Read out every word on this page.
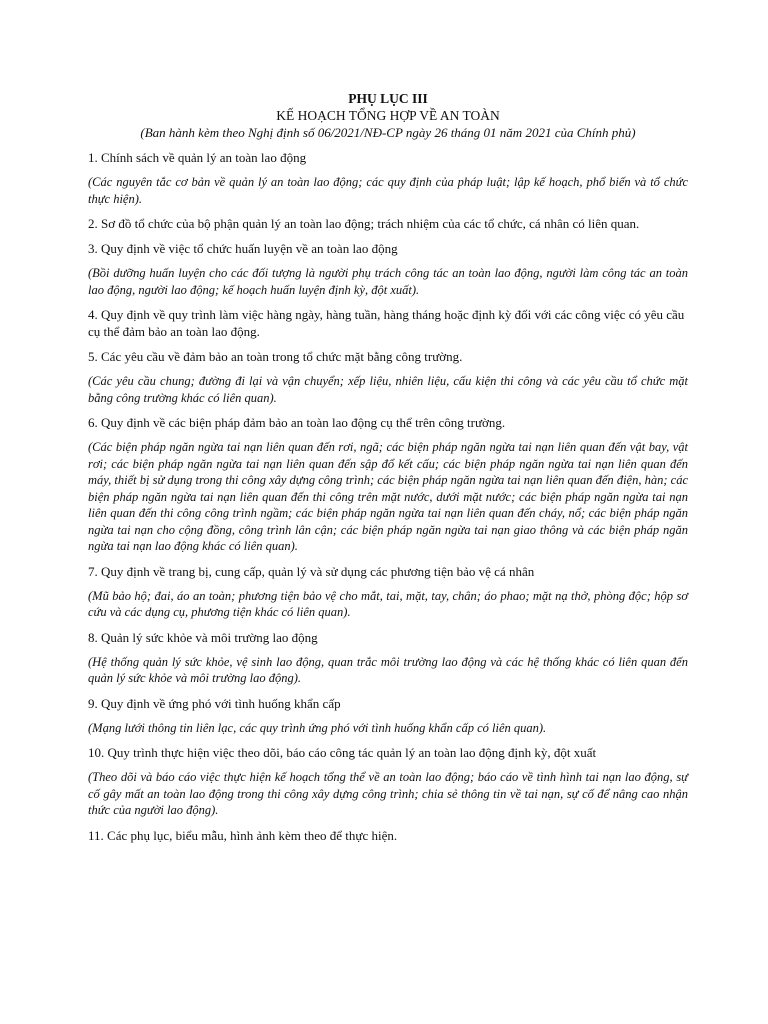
PHỤ LỤC III

KẾ HOẠCH TỔNG HỢP VỀ AN TOÀN

(Ban hành kèm theo Nghị định số 06/2021/NĐ-CP ngày 26 tháng 01 năm 2021 của Chính phủ)

1. Chính sách về quản lý an toàn lao động

(Các nguyên tắc cơ bản về quản lý an toàn lao động; các quy định của pháp luật; lập kế hoạch, phổ biến và tổ chức thực hiện).

2. Sơ đồ tổ chức của bộ phận quản lý an toàn lao động; trách nhiệm của các tổ chức, cá nhân có liên quan.

3. Quy định về việc tổ chức huấn luyện về an toàn lao động

(Bồi dưỡng huấn luyện cho các đối tượng là người phụ trách công tác an toàn lao động, người làm công tác an toàn lao động, người lao động; kế hoạch huấn luyện định kỳ, đột xuất).

4. Quy định về quy trình làm việc hàng ngày, hàng tuần, hàng tháng hoặc định kỳ đối với các công việc có yêu cầu cụ thể đảm bảo an toàn lao động.

5. Các yêu cầu về đảm bảo an toàn trong tổ chức mặt bằng công trường.

(Các yêu cầu chung; đường đi lại và vận chuyển; xếp liệu, nhiên liệu, cấu kiện thi công và các yêu cầu tổ chức mặt bằng công trường khác có liên quan).

6. Quy định về các biện pháp đảm bảo an toàn lao động cụ thể trên công trường.

(Các biện pháp ngăn ngừa tai nạn liên quan đến rơi, ngã; các biện pháp ngăn ngừa tai nạn liên quan đến vật bay, vật rơi; các biện pháp ngăn ngừa tai nạn liên quan đến sập đổ kết cấu; các biện pháp ngăn ngừa tai nạn liên quan đến máy, thiết bị sử dụng trong thi công xây dựng công trình; các biện pháp ngăn ngừa tai nạn liên quan đến điện, hàn; các biện pháp ngăn ngừa tai nạn liên quan đến thi công trên mặt nước, dưới mặt nước; các biện pháp ngăn ngừa tai nạn liên quan đến thi công công trình ngầm; các biện pháp ngăn ngừa tai nạn liên quan đến cháy, nổ; các biện pháp ngăn ngừa tai nạn cho cộng đồng, công trình lân cận; các biện pháp ngăn ngừa tai nạn giao thông và các biện pháp ngăn ngừa tai nạn lao động khác có liên quan).

7. Quy định về trang bị, cung cấp, quản lý và sử dụng các phương tiện bảo vệ cá nhân

(Mũ bảo hộ; đai, áo an toàn; phương tiện bảo vệ cho mắt, tai, mặt, tay, chân; áo phao; mặt nạ thở, phòng độc; hộp sơ cứu và các dụng cụ, phương tiện khác có liên quan).

8. Quản lý sức khỏe và môi trường lao động

(Hệ thống quản lý sức khỏe, vệ sinh lao động, quan trắc môi trường lao động và các hệ thống khác có liên quan đến quản lý sức khỏe và môi trường lao động).

9. Quy định về ứng phó với tình huống khẩn cấp

(Mạng lưới thông tin liên lạc, các quy trình ứng phó với tình huống khẩn cấp có liên quan).

10. Quy trình thực hiện việc theo dõi, báo cáo công tác quản lý an toàn lao động định kỳ, đột xuất

(Theo dõi và báo cáo việc thực hiện kế hoạch tổng thể về an toàn lao động; báo cáo về tình hình tai nạn lao động, sự cố gây mất an toàn lao động trong thi công xây dựng công trình; chia sẻ thông tin về tai nạn, sự cố để nâng cao nhận thức của người lao động).

11. Các phụ lục, biểu mẫu, hình ảnh kèm theo để thực hiện.
